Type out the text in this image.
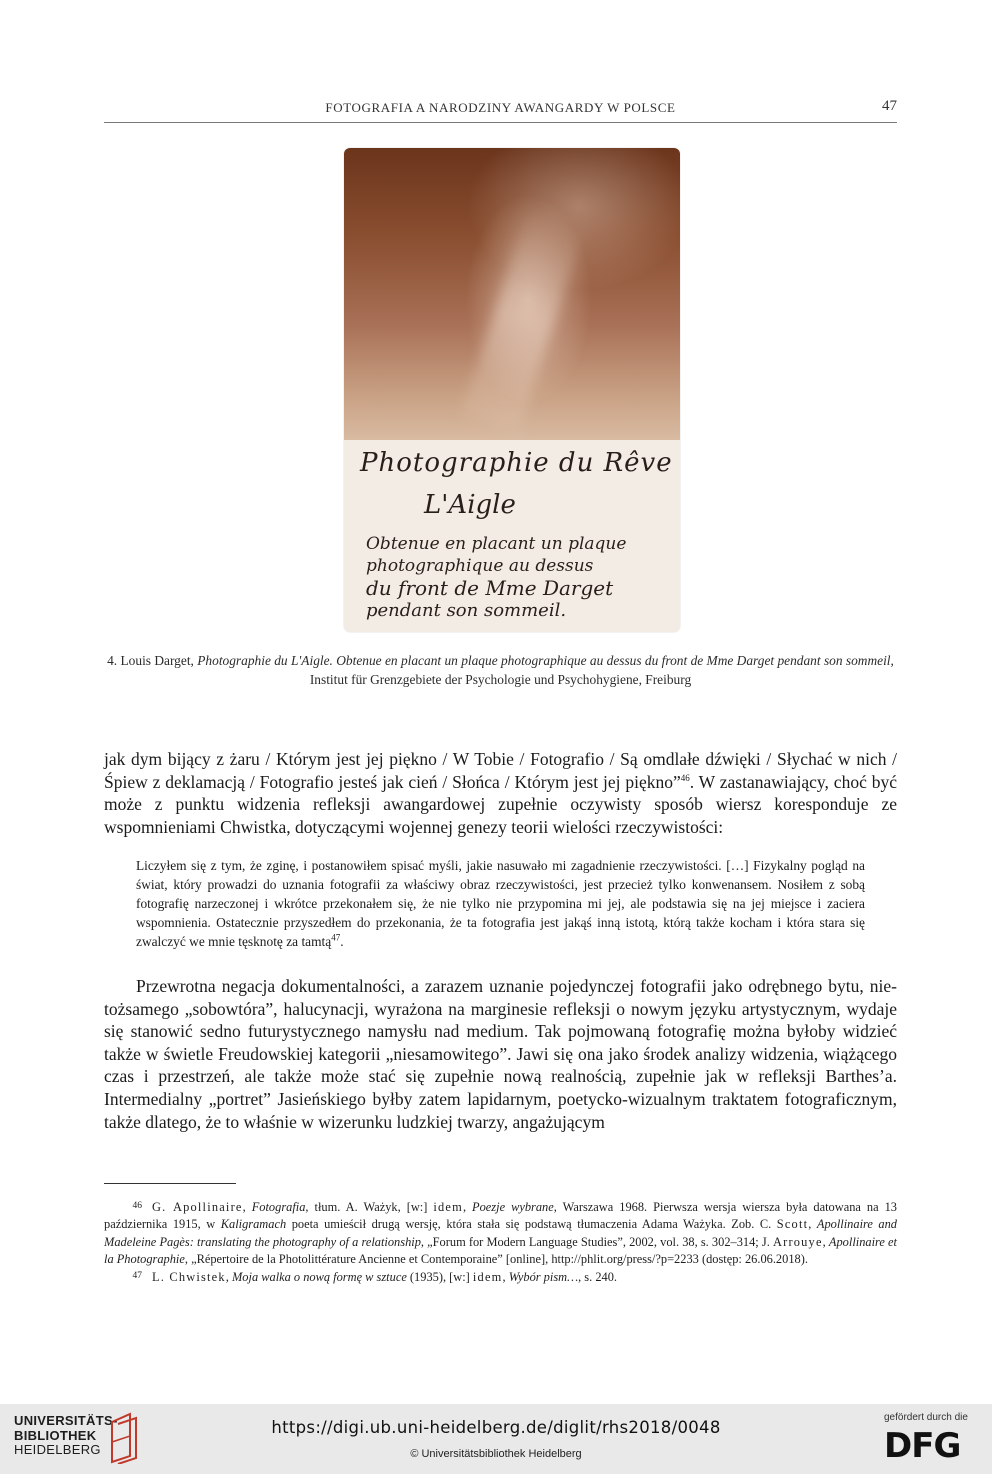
FOTOGRAFIA A NARODZINY AWANGARDY W POLSCE	47
Photographie du Rêve
L'Aigle
Obtenue en placant un plaque
photographique au dessus
du front de Mme Darget
pendant son sommeil.
4. Louis Darget, Photographie du L'Aigle. Obtenue en placant un plaque photographique au dessus du front de Mme Darget pendant son sommeil, Institut für Grenzgebiete der Psychologie und Psychohygiene, Freiburg
jak dym bijący z żaru / Którym jest jej piękno / W Tobie / Fotografio / Są omdlałe dźwięki / Słychać w nich / Śpiew z deklamacją / Fotografio jesteś jak cień / Słońca / Którym jest jej piękno”$^{46}$. W zastanawiający, choć być może z punktu widzenia refleksji awangardowej zupełnie oczywisty sposób wiersz koresponduje ze wspomnieniami Chwistka, dotyczącymi wojennej genezy teorii wielości rzeczywistości:
Liczyłem się z tym, że zginę, i postanowiłem spisać myśli, jakie nasuwało mi zagadnienie rzeczywistości. […] Fizykalny pogląd na świat, który prowadzi do uznania fotografii za właściwy obraz rzeczywistości, jest przecież tylko konwenansem. Nosiłem z sobą fotografię narzeczonej i wkrótce przekonałem się, że nie tylko nie przypomina mi jej, ale podstawia się na jej miejsce i zaciera wspomnienia. Ostatecznie przyszedłem do przekonania, że ta fotografia jest jakąś inną istotą, którą także kocham i która stara się zwalczyć we mnie tęsknotę za tamtą$^{47}$.
Przewrotna negacja dokumentalności, a zarazem uznanie pojedynczej fotografii jako odrębnego bytu, nie-tożsamego „sobowtóra”, halucynacji, wyrażona na marginesie refleksji o nowym języku artystycznym, wydaje się stanowić sedno futurystycznego namysłu nad medium. Tak pojmowaną fotografię można byłoby widzieć także w świetle Freudowskiej kategorii „niesamowitego”. Jawi się ona jako środek analizy widzenia, wiążącego czas i przestrzeń, ale także może stać się zupełnie nową realnością, zupełnie jak w refleksji Barthes’a. Intermedialny „portret” Jasieńskiego byłby zatem lapidarnym, poetycko-wizualnym traktatem fotograficznym, także dlatego, że to właśnie w wizerunku ludzkiej twarzy, angażującym

46 G. Apollinaire, Fotografia, tłum. A. Ważyk, [w:] idem, Poezje wybrane, Warszawa 1968. Pierwsza wersja wiersza była datowana na 13 października 1915, w Kaligramach poeta umieścił drugą wersję, która stała się podstawą tłumaczenia Adama Ważyka. Zob. C. Scott, Apollinaire and Madeleine Pagès: translating the photography of a relationship, „Forum for Modern Language Studies”, 2002, vol. 38, s. 302–314; J. Arrouye, Apollinaire et la Photographie, „Répertoire de la Photolittérature Ancienne et Contemporaine” [online], http://phlit.org/press/?p=2233 (dostęp: 26.06.2018).

47 L. Chwistek, Moja walka o nową formę w sztuce (1935), [w:] idem, Wybór pism…, s. 240.

UNIVERSITÄTS-
BIBLIOTHEK
HEIDELBERG
https://digi.ub.uni-heidelberg.de/diglit/rhs2018/0048
© Universitätsbibliothek Heidelberg
gefördert durch die
DFG
